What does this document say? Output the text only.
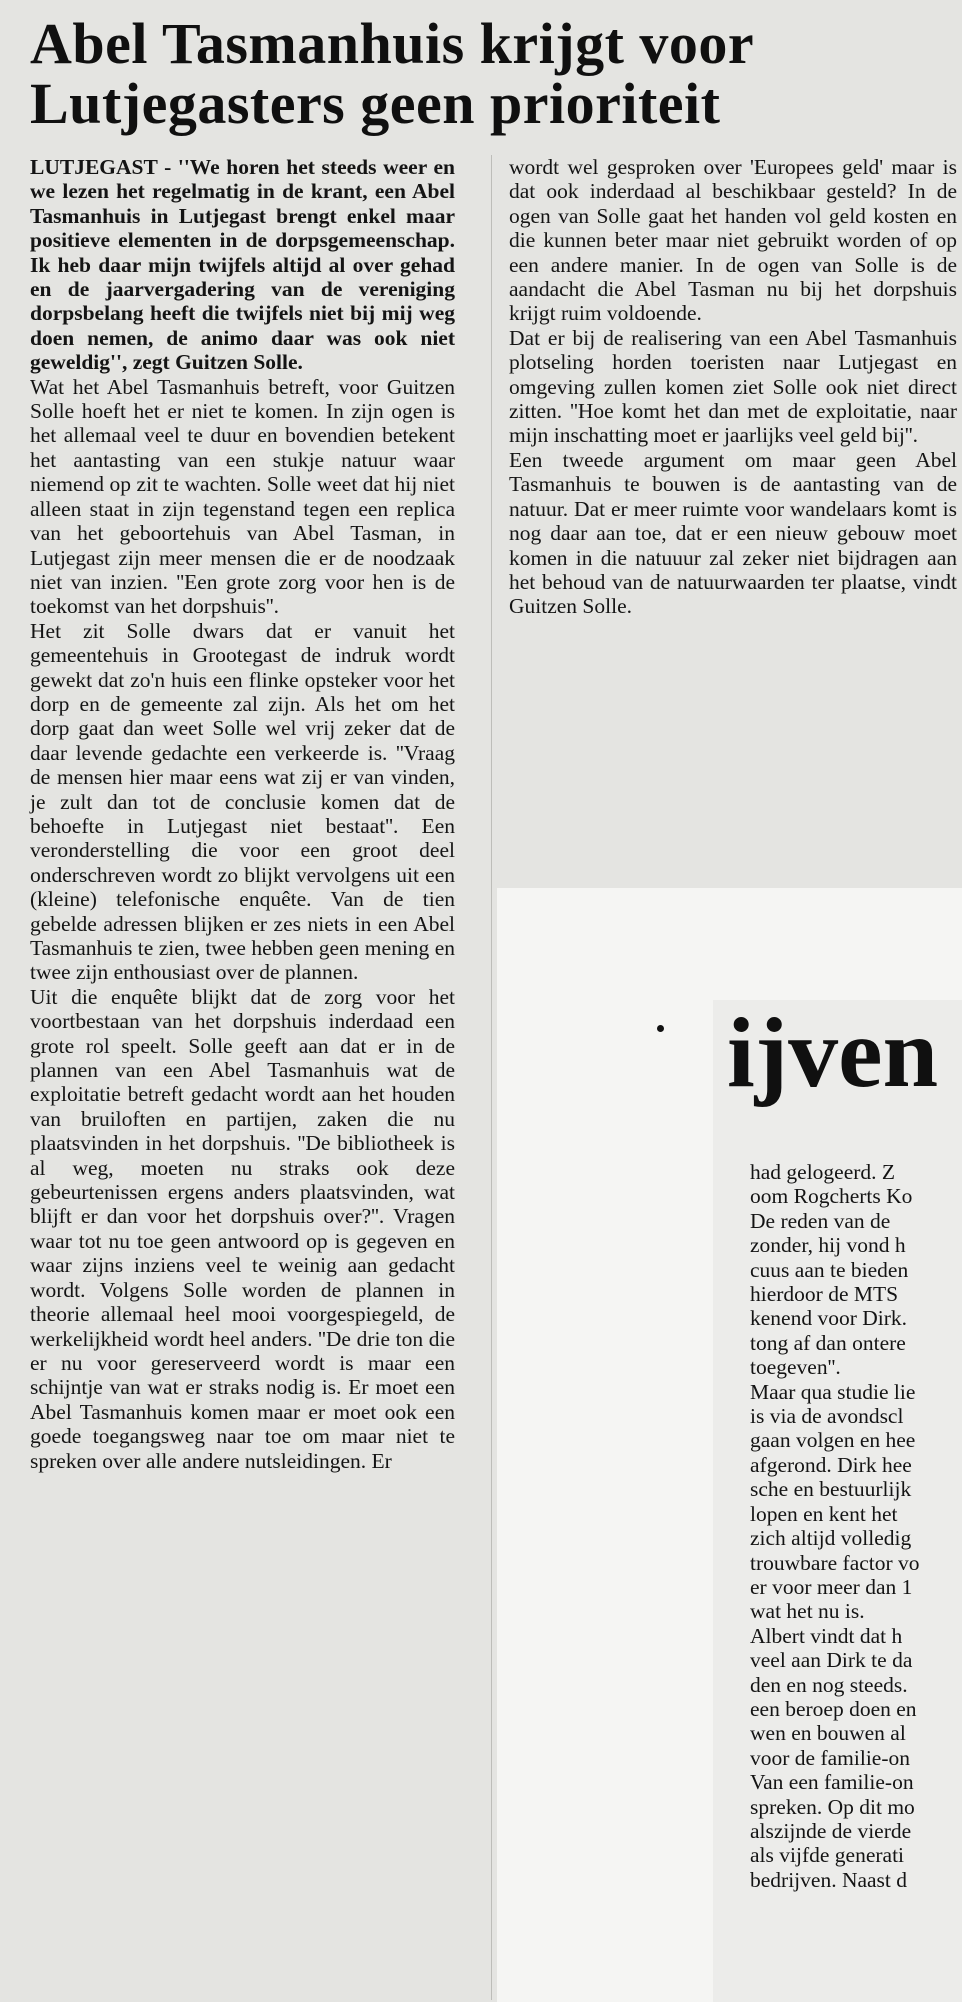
Abel Tasmanhuis krijgt voor Lutjegasters geen prioriteit

LUTJEGAST - ''We horen het steeds weer en we lezen het regelmatig in de krant, een Abel Tasmanhuis in Lutjegast brengt enkel maar positieve elementen in de dorpsgemeenschap. Ik heb daar mijn twijfels altijd al over gehad en de jaarvergadering van de vereniging dorpsbelang heeft die twijfels niet bij mij weg doen nemen, de animo daar was ook niet geweldig'', zegt Guitzen Solle.

Wat het Abel Tasmanhuis betreft, voor Guitzen Solle hoeft het er niet te komen. In zijn ogen is het allemaal veel te duur en bovendien betekent het aantasting van een stukje natuur waar niemend op zit te wachten. Solle weet dat hij niet alleen staat in zijn tegenstand tegen een replica van het geboortehuis van Abel Tasman, in Lutjegast zijn meer mensen die er de noodzaak niet van inzien. ''Een grote zorg voor hen is de toekomst van het dorpshuis''.

Het zit Solle dwars dat er vanuit het gemeentehuis in Grootegast de indruk wordt gewekt dat zo'n huis een flinke opsteker voor het dorp en de gemeente zal zijn. Als het om het dorp gaat dan weet Solle wel vrij zeker dat de daar levende gedachte een verkeerde is. ''Vraag de mensen hier maar eens wat zij er van vinden, je zult dan tot de conclusie komen dat de behoefte in Lutjegast niet bestaat''. Een veronderstelling die voor een groot deel onderschreven wordt zo blijkt vervolgens uit een (kleine) telefonische enquête. Van de tien gebelde adressen blijken er zes niets in een Abel Tasmanhuis te zien, twee hebben geen mening en twee zijn enthousiast over de plannen.

Uit die enquête blijkt dat de zorg voor het voortbestaan van het dorpshuis inderdaad een grote rol speelt. Solle geeft aan dat er in de plannen van een Abel Tasmanhuis wat de exploitatie betreft gedacht wordt aan het houden van bruiloften en partijen, zaken die nu plaatsvinden in het dorpshuis. ''De bibliotheek is al weg, moeten nu straks ook deze gebeurtenissen ergens anders plaatsvinden, wat blijft er dan voor het dorpshuis over?''. Vragen waar tot nu toe geen antwoord op is gegeven en waar zijns inziens veel te weinig aan gedacht wordt. Volgens Solle worden de plannen in theorie allemaal heel mooi voorgespiegeld, de werkelijkheid wordt heel anders. ''De drie ton die er nu voor gereserveerd wordt is maar een schijntje van wat er straks nodig is. Er moet een Abel Tasmanhuis komen maar er moet ook een goede toegangsweg naar toe om maar niet te spreken over alle andere nutsleidingen. Er

wordt wel gesproken over 'Europees geld' maar is dat ook inderdaad al beschikbaar gesteld? In de ogen van Solle gaat het handen vol geld kosten en die kunnen beter maar niet gebruikt worden of op een andere manier. In de ogen van Solle is de aandacht die Abel Tasman nu bij het dorpshuis krijgt ruim voldoende.

Dat er bij de realisering van een Abel Tasmanhuis plotseling horden toeristen naar Lutjegast en omgeving zullen komen ziet Solle ook niet direct zitten. ''Hoe komt het dan met de exploitatie, naar mijn inschatting moet er jaarlijks veel geld bij''.

Een tweede argument om maar geen Abel Tasmanhuis te bouwen is de aantasting van de natuur. Dat er meer ruimte voor wandelaars komt is nog daar aan toe, dat er een nieuw gebouw moet komen in die natuuur zal zeker niet bijdragen aan het behoud van de natuurwaarden ter plaatse, vindt Guitzen Solle.

ijven
had gelogeerd. Z
oom Rogcherts Ko
De reden van de
zonder, hij vond h
cuus aan te bieden
hierdoor de MTS
kenend voor Dirk.
tong af dan ontere
toegeven''.
Maar qua studie lie
is via de avondscl
gaan volgen en hee
afgerond. Dirk hee
sche en bestuurlijk
lopen en kent het
zich altijd volledig
trouwbare factor vo
er voor meer dan 1
wat het nu is.
Albert vindt dat h
veel aan Dirk te da
den en nog steeds.
een beroep doen en
wen en bouwen al
voor de familie-on
Van een familie-on
spreken. Op dit mo
alszijnde de vierde
als vijfde generati
bedrijven. Naast d
